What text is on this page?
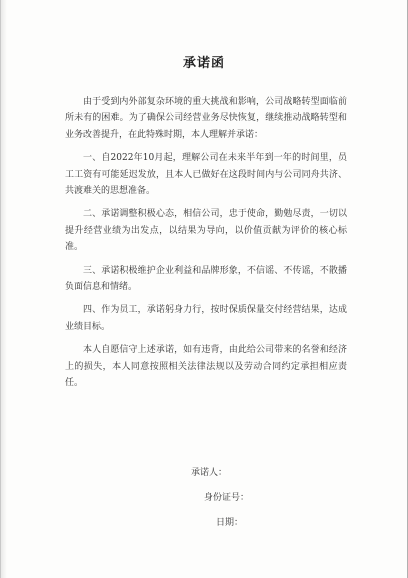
承诺函

由于受到内外部复杂环境的重大挑战和影响，公司战略转型面临前所未有的困难。为了确保公司经营业务尽快恢复，继续推动战略转型和业务改善提升，在此特殊时期，本人理解并承诺：

一、自2022年10月起，理解公司在未来半年到一年的时间里，员工工资有可能延迟发放，且本人已做好在这段时间内与公司同舟共济、共渡难关的思想准备。

二、承诺调整积极心态，相信公司，忠于使命，勤勉尽责，一切以提升经营业绩为出发点，以结果为导向，以价值贡献为评价的核心标准。

三、承诺积极维护企业利益和品牌形象，不信谣、不传谣，不散播负面信息和情绪。

四、作为员工，承诺躬身力行，按时保质保量交付经营结果，达成业绩目标。

本人自愿信守上述承诺，如有违背，由此给公司带来的名誉和经济上的损失，本人同意按照相关法律法规以及劳动合同约定承担相应责任。

承诺人：
身份证号：
日期：
